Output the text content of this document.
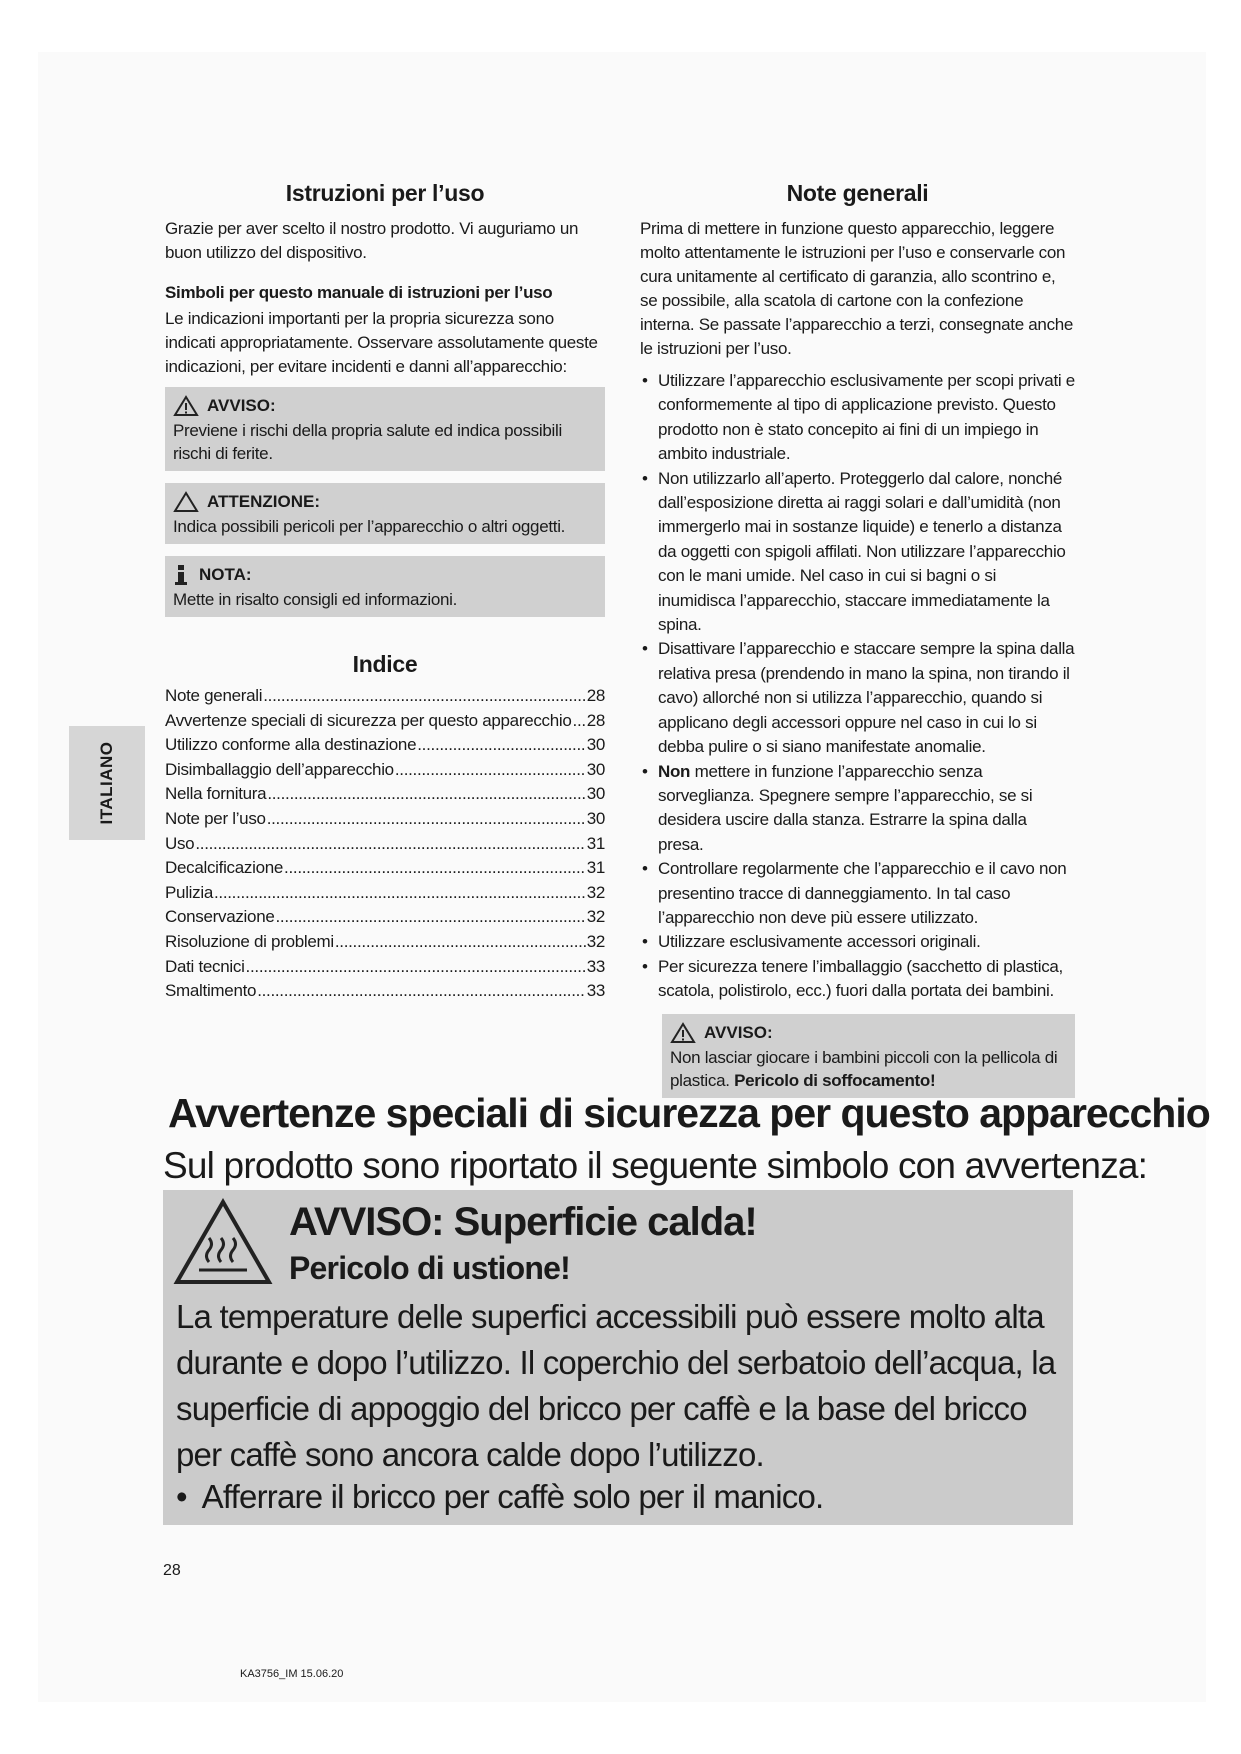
Istruzioni per l’uso

Grazie per aver scelto il nostro prodotto. Vi auguriamo un buon utilizzo del dispositivo.

Simboli per questo manuale di istruzioni per l’uso

Le indicazioni importanti per la propria sicurezza sono indicati appropriatamente. Osservare assolutamente queste indicazioni, per evitare incidenti e danni all’apparecchio:

AVVISO:

Previene i rischi della propria salute ed indica possibili rischi di ferite.

ATTENZIONE:

Indica possibili pericoli per l’apparecchio o altri oggetti.

NOTA:

Mette in risalto consigli ed informazioni.

Indice
Note generali .....	28
Avvertenze speciali di sicurezza per questo apparecchio ..... 28
Utilizzo conforme alla destinazione .....	30
Disimballaggio dell’apparecchio .....	30
Nella fornitura .....	30
Note per l’uso .....	30
Uso .....	31
Decalcificazione .....	31
Pulizia .....	32
Conservazione .....	32
Risoluzione di problemi .....	32
Dati tecnici .....	33
Smaltimento .....	33
Note generali

Prima di mettere in funzione questo apparecchio, leggere molto attentamente le istruzioni per l’uso e conservarle con cura unitamente al certificato di garanzia, allo scontrino e, se possibile, alla scatola di cartone con la confezione interna. Se passate l’apparecchio a terzi, consegnate anche le istruzioni per l’uso.

• Utilizzare l’apparecchio esclusivamente per scopi privati e conformemente al tipo di applicazione previsto. Questo prodotto non è stato concepito ai fini di un impiego in ambito industriale.
• Non utilizzarlo all’aperto. Proteggerlo dal calore, nonché dall’esposizione diretta ai raggi solari e dall’umidità (non immergerlo mai in sostanze liquide) e tenerlo a distanza da oggetti con spigoli affilati. Non utilizzare l’apparecchio con le mani umide. Nel caso in cui si bagni o si inumidisca l’apparecchio, staccare immediatamente la spina.
• Disattivare l’apparecchio e staccare sempre la spina dalla relativa presa (prendendo in mano la spina, non tirando il cavo) allorché non si utilizza l’apparecchio, quando si applicano degli accessori oppure nel caso in cui lo si debba pulire o si siano manifestate anomalie.
• Non mettere in funzione l’apparecchio senza sorveglianza. Spegnere sempre l’apparecchio, se si desidera uscire dalla stanza. Estrarre la spina dalla presa.
• Controllare regolarmente che l’apparecchio e il cavo non presentino tracce di danneggiamento. In tal caso l’apparecchio non deve più essere utilizzato.
• Utilizzare esclusivamente accessori originali.
• Per sicurezza tenere l’imballaggio (sacchetto di plastica, scatola, polistirolo, ecc.) fuori dalla portata dei bambini.
AVVISO:

Non lasciar giocare i bambini piccoli con la pellicola di plastica. Pericolo di soffocamento!

ITALIANO
Avvertenze speciali di sicurezza per questo apparecchio
Sul prodotto sono riportato il seguente simbolo con avvertenza:
AVVISO: Superficie calda!
Pericolo di ustione!
La temperature delle superfici accessibili può essere molto alta durante e dopo l’utilizzo. Il coperchio del serbatoio dell’acqua, la superficie di appoggio del bricco per caffè e la base del bricco per caffè sono ancora calde dopo l’utilizzo.
•  Afferrare il bricco per caffè solo per il manico.
28
KA3756_IM 15.06.20
